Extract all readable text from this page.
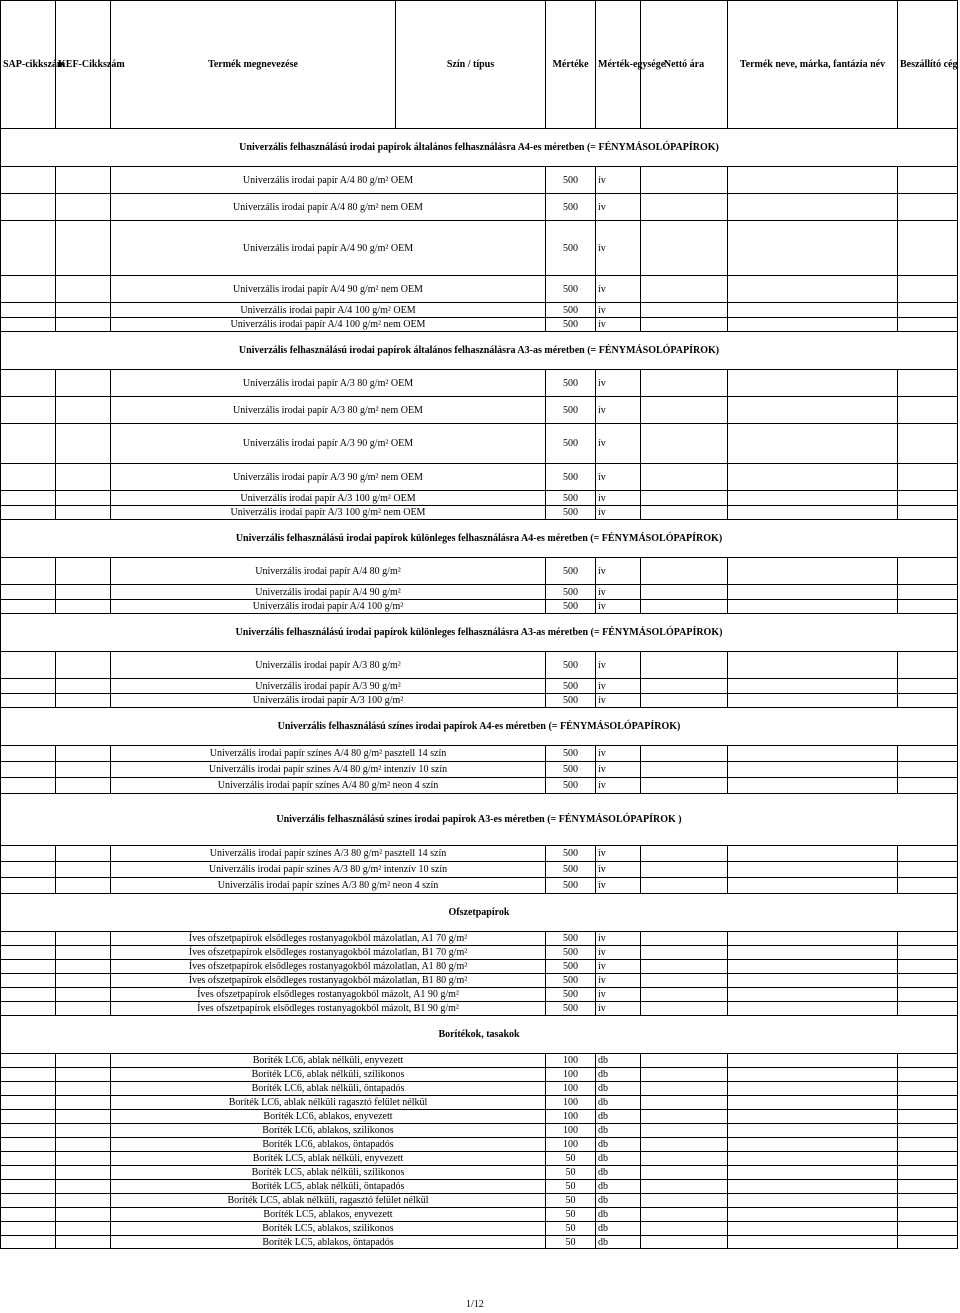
SAP-cikkszám	KEF-Cikkszám	Termék megnevezése	Szín / típus	Mértéke	Mérték-egysége	Nettó ára	Termék neve, márka, fantázia név	Beszállító cég
Univerzális felhasználású irodai papírok általános felhasználásra A4-es méretben (= FÉNYMÁSOLÓPAPÍROK)								
		Univerzális irodai papír A/4 80 g/m² OEM		500	ív			
		Univerzális irodai papír A/4 80 g/m² nem OEM		500	ív			
		Univerzális irodai papír A/4 90 g/m² OEM		500	ív			
		Univerzális irodai papír A/4 90 g/m² nem OEM		500	ív			
		Univerzális irodai papír A/4 100 g/m² OEM		500	ív			
		Univerzális irodai papír A/4 100 g/m² nem OEM		500	ív			
Univerzális felhasználású irodai papírok általános felhasználásra A3-as méretben (= FÉNYMÁSOLÓPAPÍROK)								
		Univerzális irodai papír A/3 80 g/m² OEM		500	ív			
		Univerzális irodai papír A/3 80 g/m² nem OEM		500	ív			
		Univerzális irodai papír A/3 90 g/m² OEM		500	ív			
		Univerzális irodai papír A/3 90 g/m² nem OEM		500	ív			
		Univerzális irodai papír A/3 100 g/m² OEM		500	ív			
		Univerzális irodai papír A/3 100 g/m² nem OEM		500	ív			
Univerzális felhasználású irodai papírok különleges felhasználásra A4-es méretben (= FÉNYMÁSOLÓPAPÍROK)								
		Univerzális irodai papír A/4 80 g/m²		500	ív			
		Univerzális irodai papír A/4 90 g/m²		500	ív			
		Univerzális irodai papír A/4 100 g/m²		500	ív			
Univerzális felhasználású irodai papírok különleges felhasználásra A3-as méretben (= FÉNYMÁSOLÓPAPÍROK)								
		Univerzális irodai papír A/3 80 g/m²		500	ív			
		Univerzális irodai papír A/3 90 g/m²		500	ív			
		Univerzális irodai papír A/3 100 g/m²		500	ív			
Univerzális felhasználású színes irodai papírok A4-es méretben (= FÉNYMÁSOLÓPAPÍROK)								
		Univerzális irodai papír színes A/4 80 g/m² pasztell 14 szín		500	ív			
		Univerzális irodai papír színes A/4 80 g/m² intenzív 10 szín		500	ív			
		Univerzális irodai papír színes A/4 80 g/m² neon 4 szín		500	ív			
Univerzális felhasználású színes irodai papírok A3-es méretben (= FÉNYMÁSOLÓPAPÍROK )								
		Univerzális irodai papír színes A/3 80 g/m² pasztell 14 szín		500	ív			
		Univerzális irodai papír színes A/3 80 g/m² intenzív 10 szín		500	ív			
		Univerzális irodai papír színes A/3 80 g/m² neon 4 szín		500	ív			
Ofszetpapírok								
		Íves ofszetpapírok elsődleges rostanyagokból mázolatlan, A1 70 g/m²		500	ív			
		Íves ofszetpapírok elsődleges rostanyagokból mázolatlan, B1 70 g/m²		500	ív			
		Íves ofszetpapírok elsődleges rostanyagokból mázolatlan, A1 80 g/m²		500	ív			
		Íves ofszetpapírok elsődleges rostanyagokból mázolatlan, B1 80 g/m²		500	ív			
		Íves ofszetpapírok elsődleges rostanyagokból mázolt, A1 90 g/m²		500	ív			
		Íves ofszetpapírok elsődleges rostanyagokból mázolt, B1 90 g/m²		500	ív			
Borítékok, tasakok								
		Boríték LC6, ablak nélküli, enyvezett		100	db			
		Boríték LC6, ablak nélküli, szilikonos		100	db			
		Boríték LC6, ablak nélküli, öntapadós		100	db			
		Boríték LC6, ablak nélküli ragasztó felület nélkül		100	db			
		Boríték LC6, ablakos, enyvezett		100	db			
		Boríték LC6, ablakos, szilikonos		100	db			
		Boríték LC6, ablakos, öntapadós		100	db			
		Boríték LC5, ablak nélküli, enyvezett		50	db			
		Boríték LC5, ablak nélküli, szilikonos		50	db			
		Boríték LC5, ablak nélküli, öntapadós		50	db			
		Boríték LC5, ablak nélküli, ragasztó felület nélkül		50	db			
		Boríték LC5, ablakos, enyvezett		50	db			
		Boríték LC5, ablakos, szilikonos		50	db			
		Boríték LC5, ablakos, öntapadós		50	db			
1/12
